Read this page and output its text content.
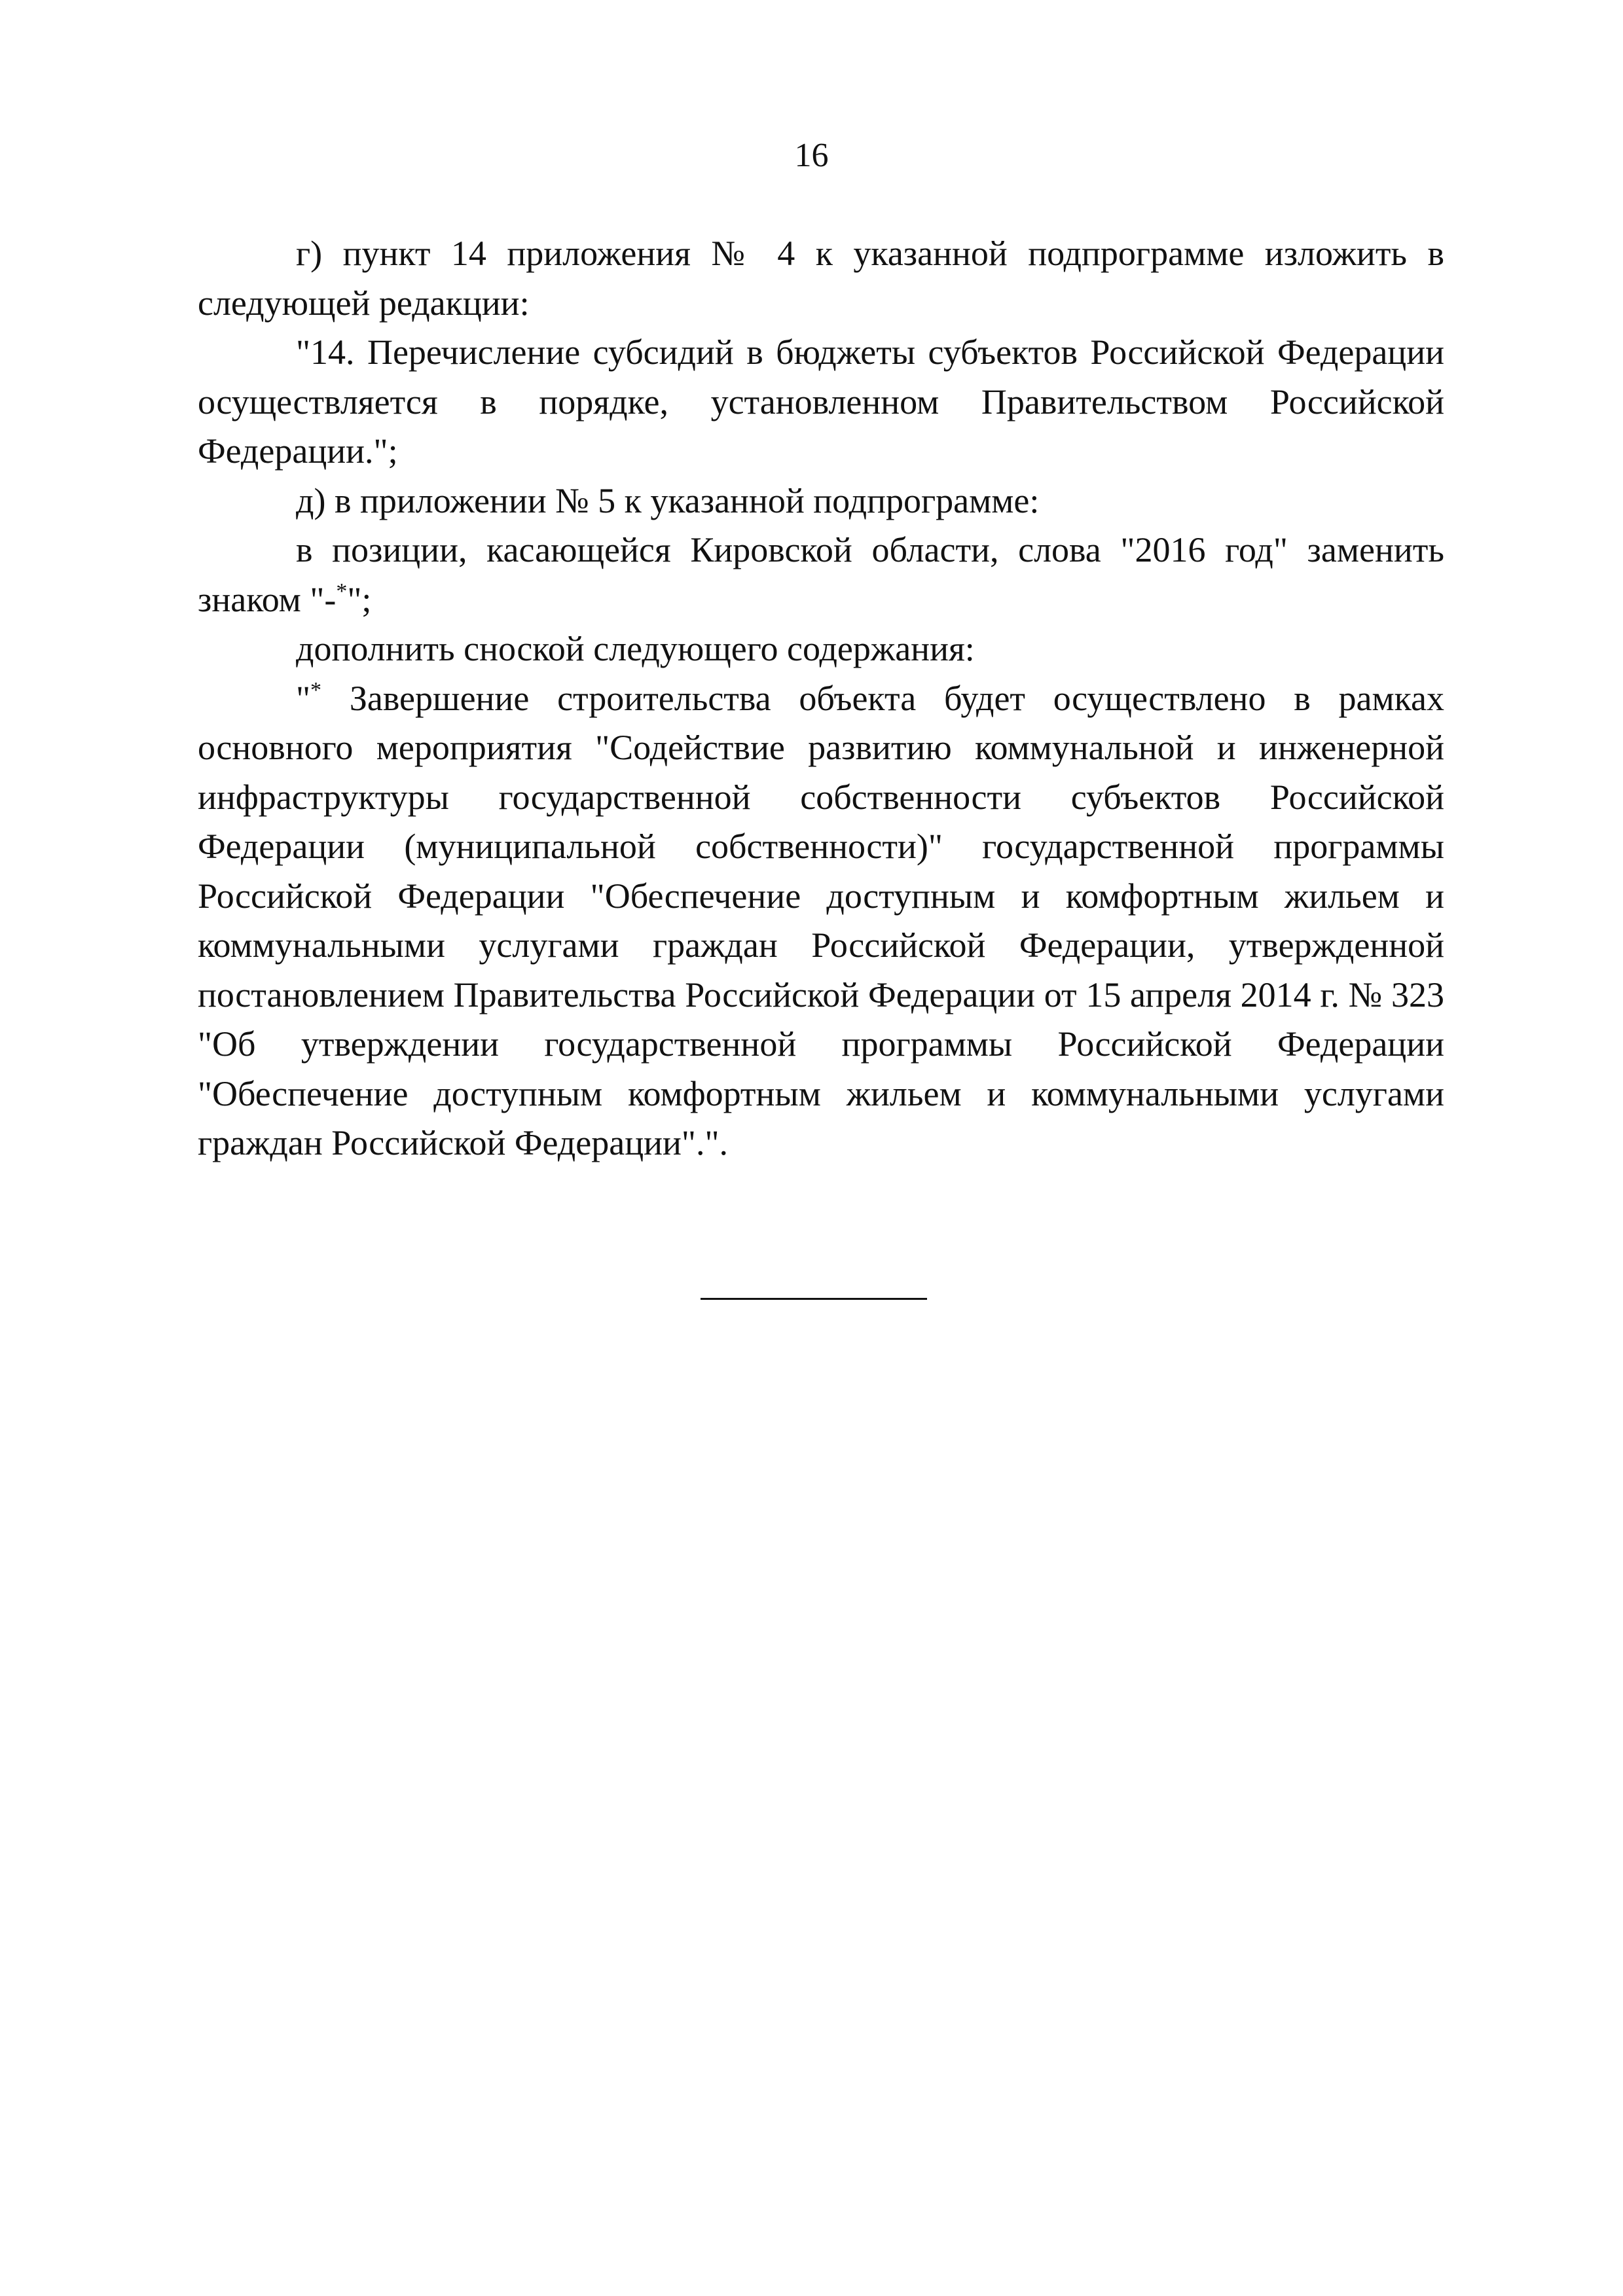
16

г) пункт 14 приложения № 4 к указанной подпрограмме изложить в следующей редакции:

"14. Перечисление субсидий в бюджеты субъектов Российской Федерации осуществляется в порядке, установленном Правительством Российской Федерации.";

д) в приложении № 5 к указанной подпрограмме:

в позиции, касающейся Кировской области, слова "2016 год" заменить знаком "-*";

дополнить сноской следующего содержания:

"* Завершение строительства объекта будет осуществлено в рамках основного мероприятия "Содействие развитию коммунальной и инженерной инфраструктуры государственной собственности субъектов Российской Федерации (муниципальной собственности)" государственной программы Российской Федерации "Обеспечение доступным и комфортным жильем и коммунальными услугами граждан Российской Федерации, утвержденной постановлением Правительства Российской Федерации от 15 апреля 2014 г. № 323 "Об утверждении государственной программы Российской Федерации "Обеспечение доступным комфортным жильем и коммунальными услугами граждан Российской Федерации".".
